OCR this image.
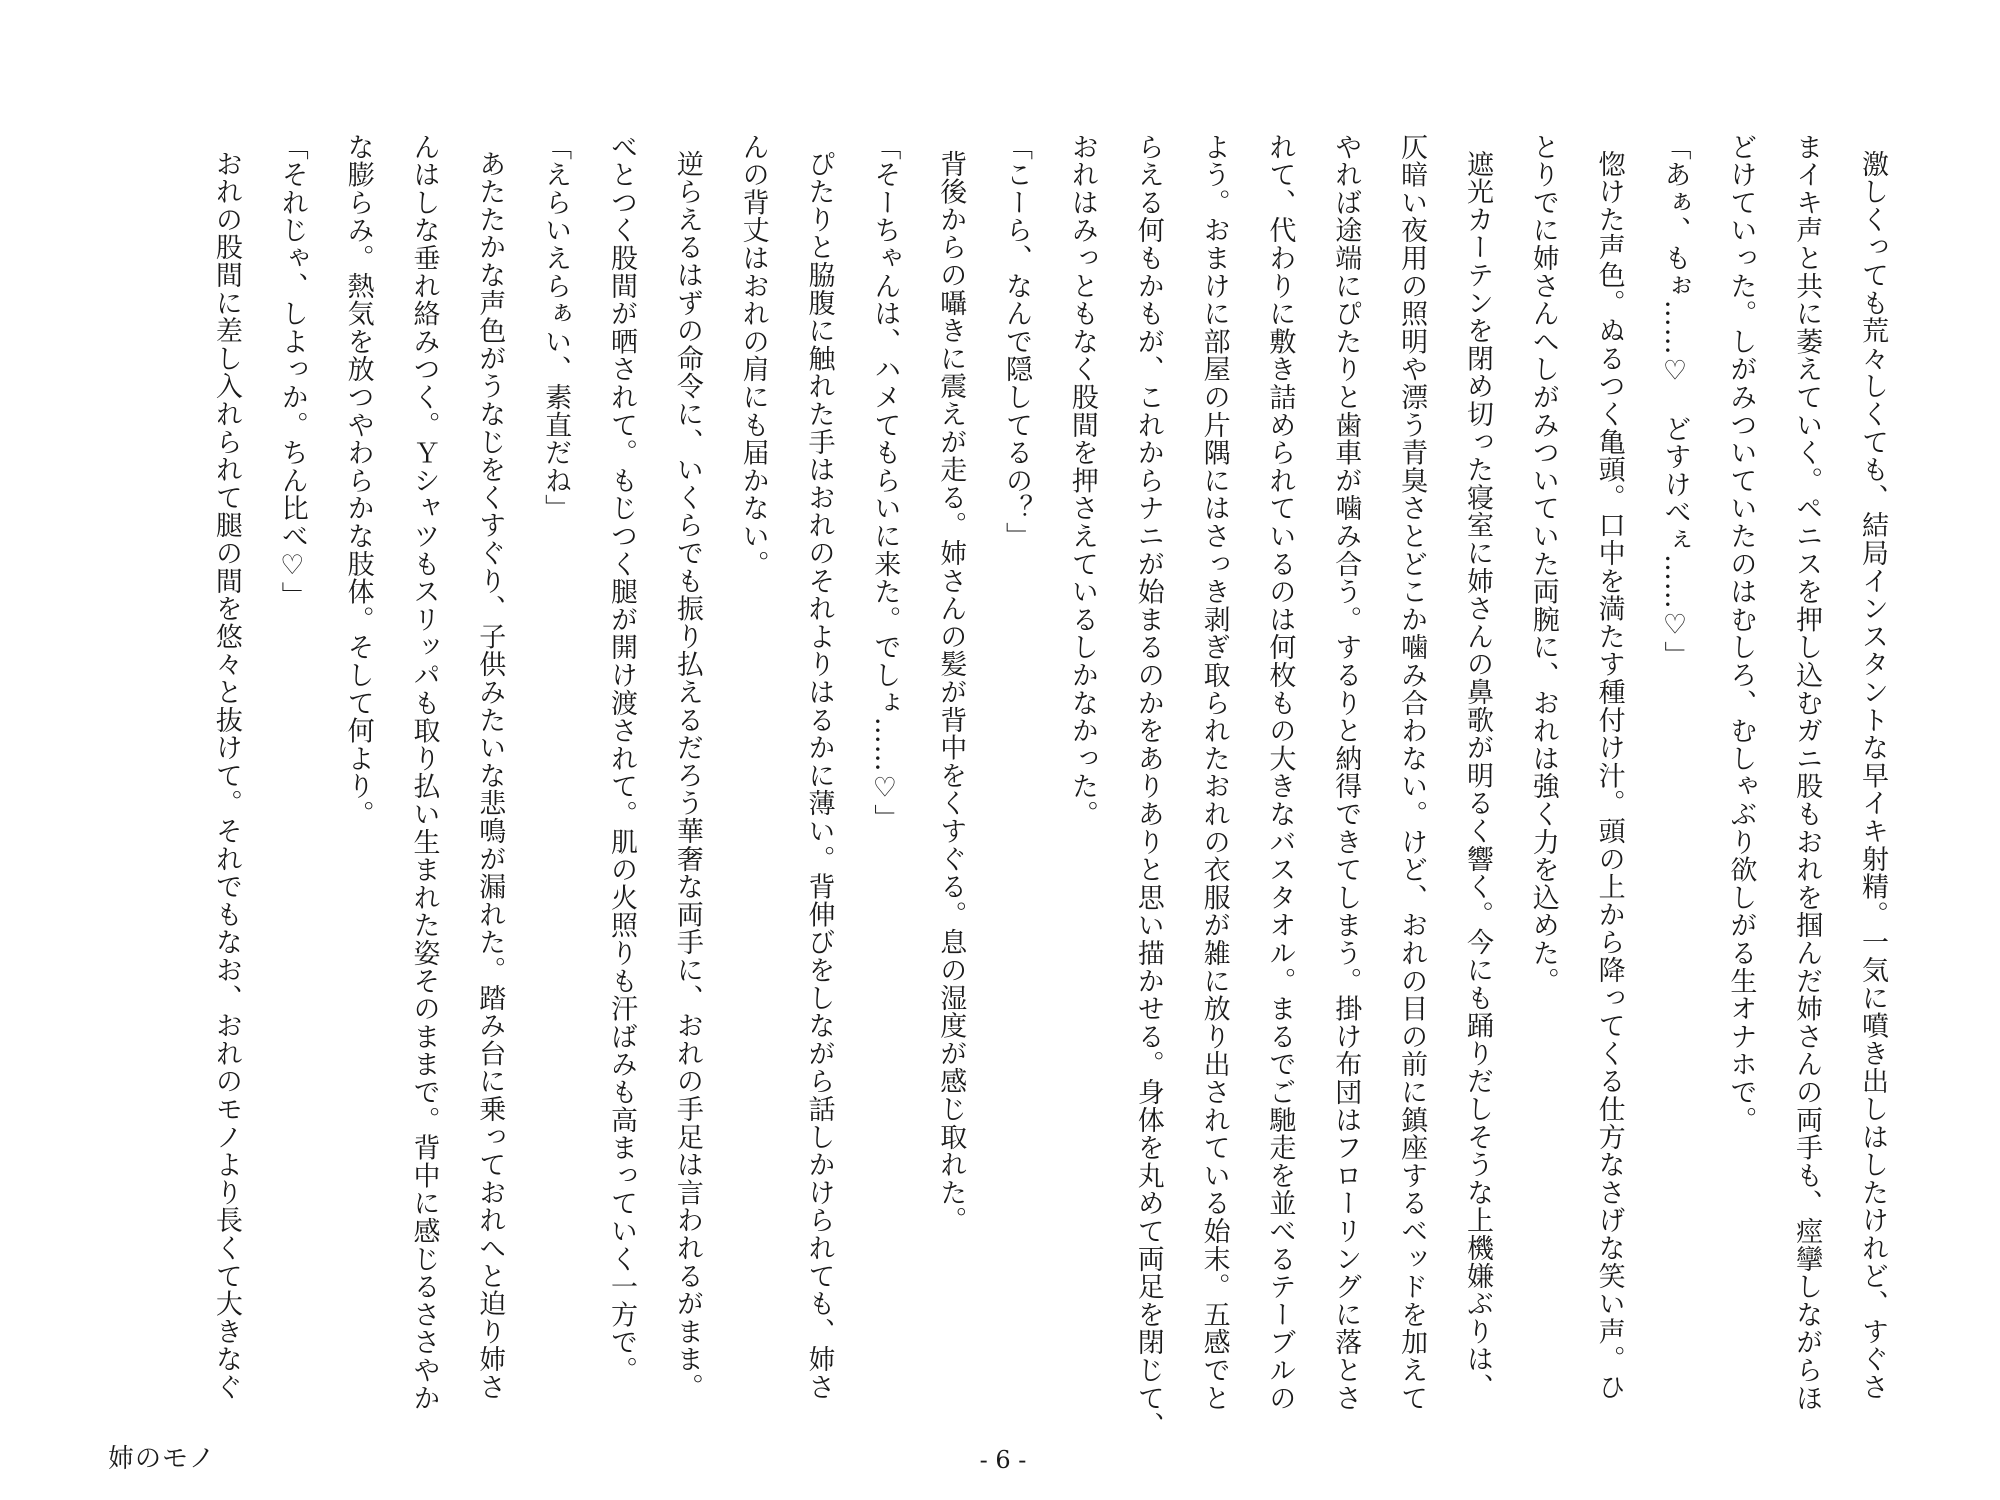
激しくっても荒々しくても、結局インスタントな早イキ射精。一気に噴き出しはしたけれど、すぐさ
まイキ声と共に萎えていく。ペニスを押し込むガニ股もおれを掴んだ姉さんの両手も、痙攣しながらほ
どけていった。しがみついていたのはむしろ、むしゃぶり欲しがる生オナホで。
「あぁ、もぉ……♡　どすけべぇ……♡」
惚けた声色。ぬるつく亀頭。口中を満たす種付け汁。頭の上から降ってくる仕方なさげな笑い声。ひ
とりでに姉さんへしがみついていた両腕に、おれは強く力を込めた。
遮光カーテンを閉め切った寝室に姉さんの鼻歌が明るく響く。今にも踊りだしそうな上機嫌ぶりは、
仄暗い夜用の照明や漂う青臭さとどこか噛み合わない。けど、おれの目の前に鎮座するベッドを加えて
やれば途端にぴたりと歯車が噛み合う。するりと納得できてしまう。掛け布団はフローリングに落とさ
れて、代わりに敷き詰められているのは何枚もの大きなバスタオル。まるでご馳走を並べるテーブルの
よう。おまけに部屋の片隅にはさっき剥ぎ取られたおれの衣服が雑に放り出されている始末。五感でと
らえる何もかもが、これからナニが始まるのかをありありと思い描かせる。身体を丸めて両足を閉じて、
おれはみっともなく股間を押さえているしかなかった。
「こーら、なんで隠してるの？」
背後からの囁きに震えが走る。姉さんの髪が背中をくすぐる。息の湿度が感じ取れた。
「そーちゃんは、ハメてもらいに来た。でしょ……♡」
ぴたりと脇腹に触れた手はおれのそれよりはるかに薄い。背伸びをしながら話しかけられても、姉さ
んの背丈はおれの肩にも届かない。
逆らえるはずの命令に、いくらでも振り払えるだろう華奢な両手に、おれの手足は言われるがまま。
べとつく股間が晒されて。もじつく腿が開け渡されて。肌の火照りも汗ばみも高まっていく一方で。
「えらいえらぁい、素直だね」
あたたかな声色がうなじをくすぐり、子供みたいな悲鳴が漏れた。踏み台に乗っておれへと迫り姉さ
んはしな垂れ絡みつく。Ｙシャツもスリッパも取り払い生まれた姿そのままで。背中に感じるささやか
な膨らみ。熱気を放つやわらかな肢体。そして何より。
「それじゃ、しよっか。ちん比べ♡」
おれの股間に差し入れられて腿の間を悠々と抜けて。それでもなお、おれのモノより長くて大きなぐ
姉のモノ	- 6 -
